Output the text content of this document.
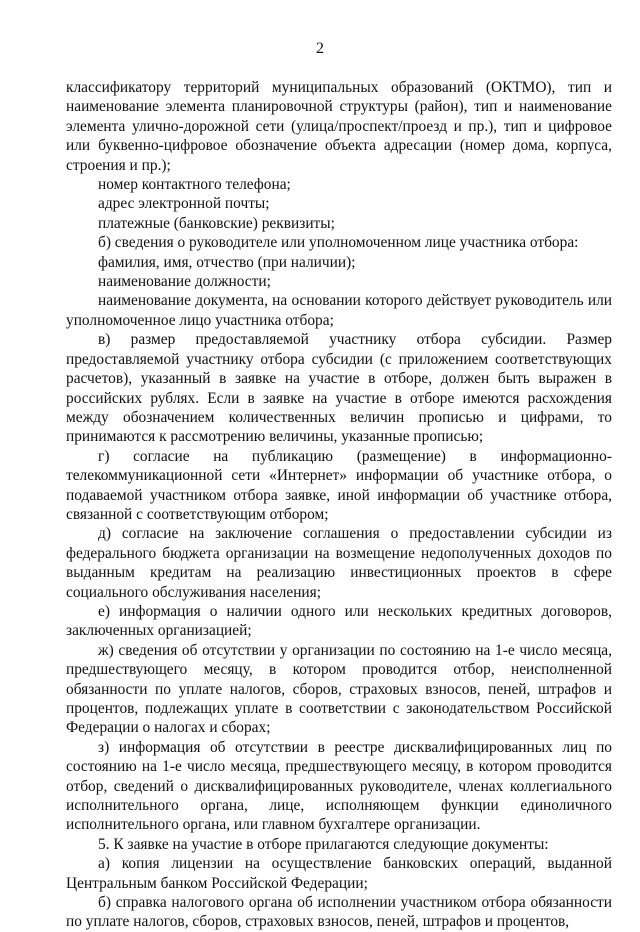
2

классификатору территорий муниципальных образований (ОКТМО), тип и наименование элемента планировочной структуры (район), тип и наименование элемента улично-дорожной сети (улица/проспект/проезд и пр.), тип и цифровое или буквенно-цифровое обозначение объекта адресации (номер дома, корпуса, строения и пр.);

номер контактного телефона;

адрес электронной почты;

платежные (банковские) реквизиты;

б) сведения о руководителе или уполномоченном лице участника отбора:

фамилия, имя, отчество (при наличии);

наименование должности;

наименование документа, на основании которого действует руководитель или уполномоченное лицо участника отбора;

в) размер предоставляемой участнику отбора субсидии. Размер предоставляемой участнику отбора субсидии (с приложением соответствующих расчетов), указанный в заявке на участие в отборе, должен быть выражен в российских рублях. Если в заявке на участие в отборе имеются расхождения между обозначением количественных величин прописью и цифрами, то принимаются к рассмотрению величины, указанные прописью;

г) согласие на публикацию (размещение) в информационно-телекоммуникационной сети «Интернет» информации об участнике отбора, о подаваемой участником отбора заявке, иной информации об участнике отбора, связанной с соответствующим отбором;

д) согласие на заключение соглашения о предоставлении субсидии из федерального бюджета организации на возмещение недополученных доходов по выданным кредитам на реализацию инвестиционных проектов в сфере социального обслуживания населения;

е) информация о наличии одного или нескольких кредитных договоров, заключенных организацией;

ж) сведения об отсутствии у организации по состоянию на 1-е число месяца, предшествующего месяцу, в котором проводится отбор, неисполненной обязанности по уплате налогов, сборов, страховых взносов, пеней, штрафов и процентов, подлежащих уплате в соответствии с законодательством Российской Федерации о налогах и сборах;

з) информация об отсутствии в реестре дисквалифицированных лиц по состоянию на 1-е число месяца, предшествующего месяцу, в котором проводится отбор, сведений о дисквалифицированных руководителе, членах коллегиального исполнительного органа, лице, исполняющем функции единоличного исполнительного органа, или главном бухгалтере организации.

5. К заявке на участие в отборе прилагаются следующие документы:

а) копия лицензии на осуществление банковских операций, выданной Центральным банком Российской Федерации;

б) справка налогового органа об исполнении участником отбора обязанности по уплате налогов, сборов, страховых взносов, пеней, штрафов и процентов,
